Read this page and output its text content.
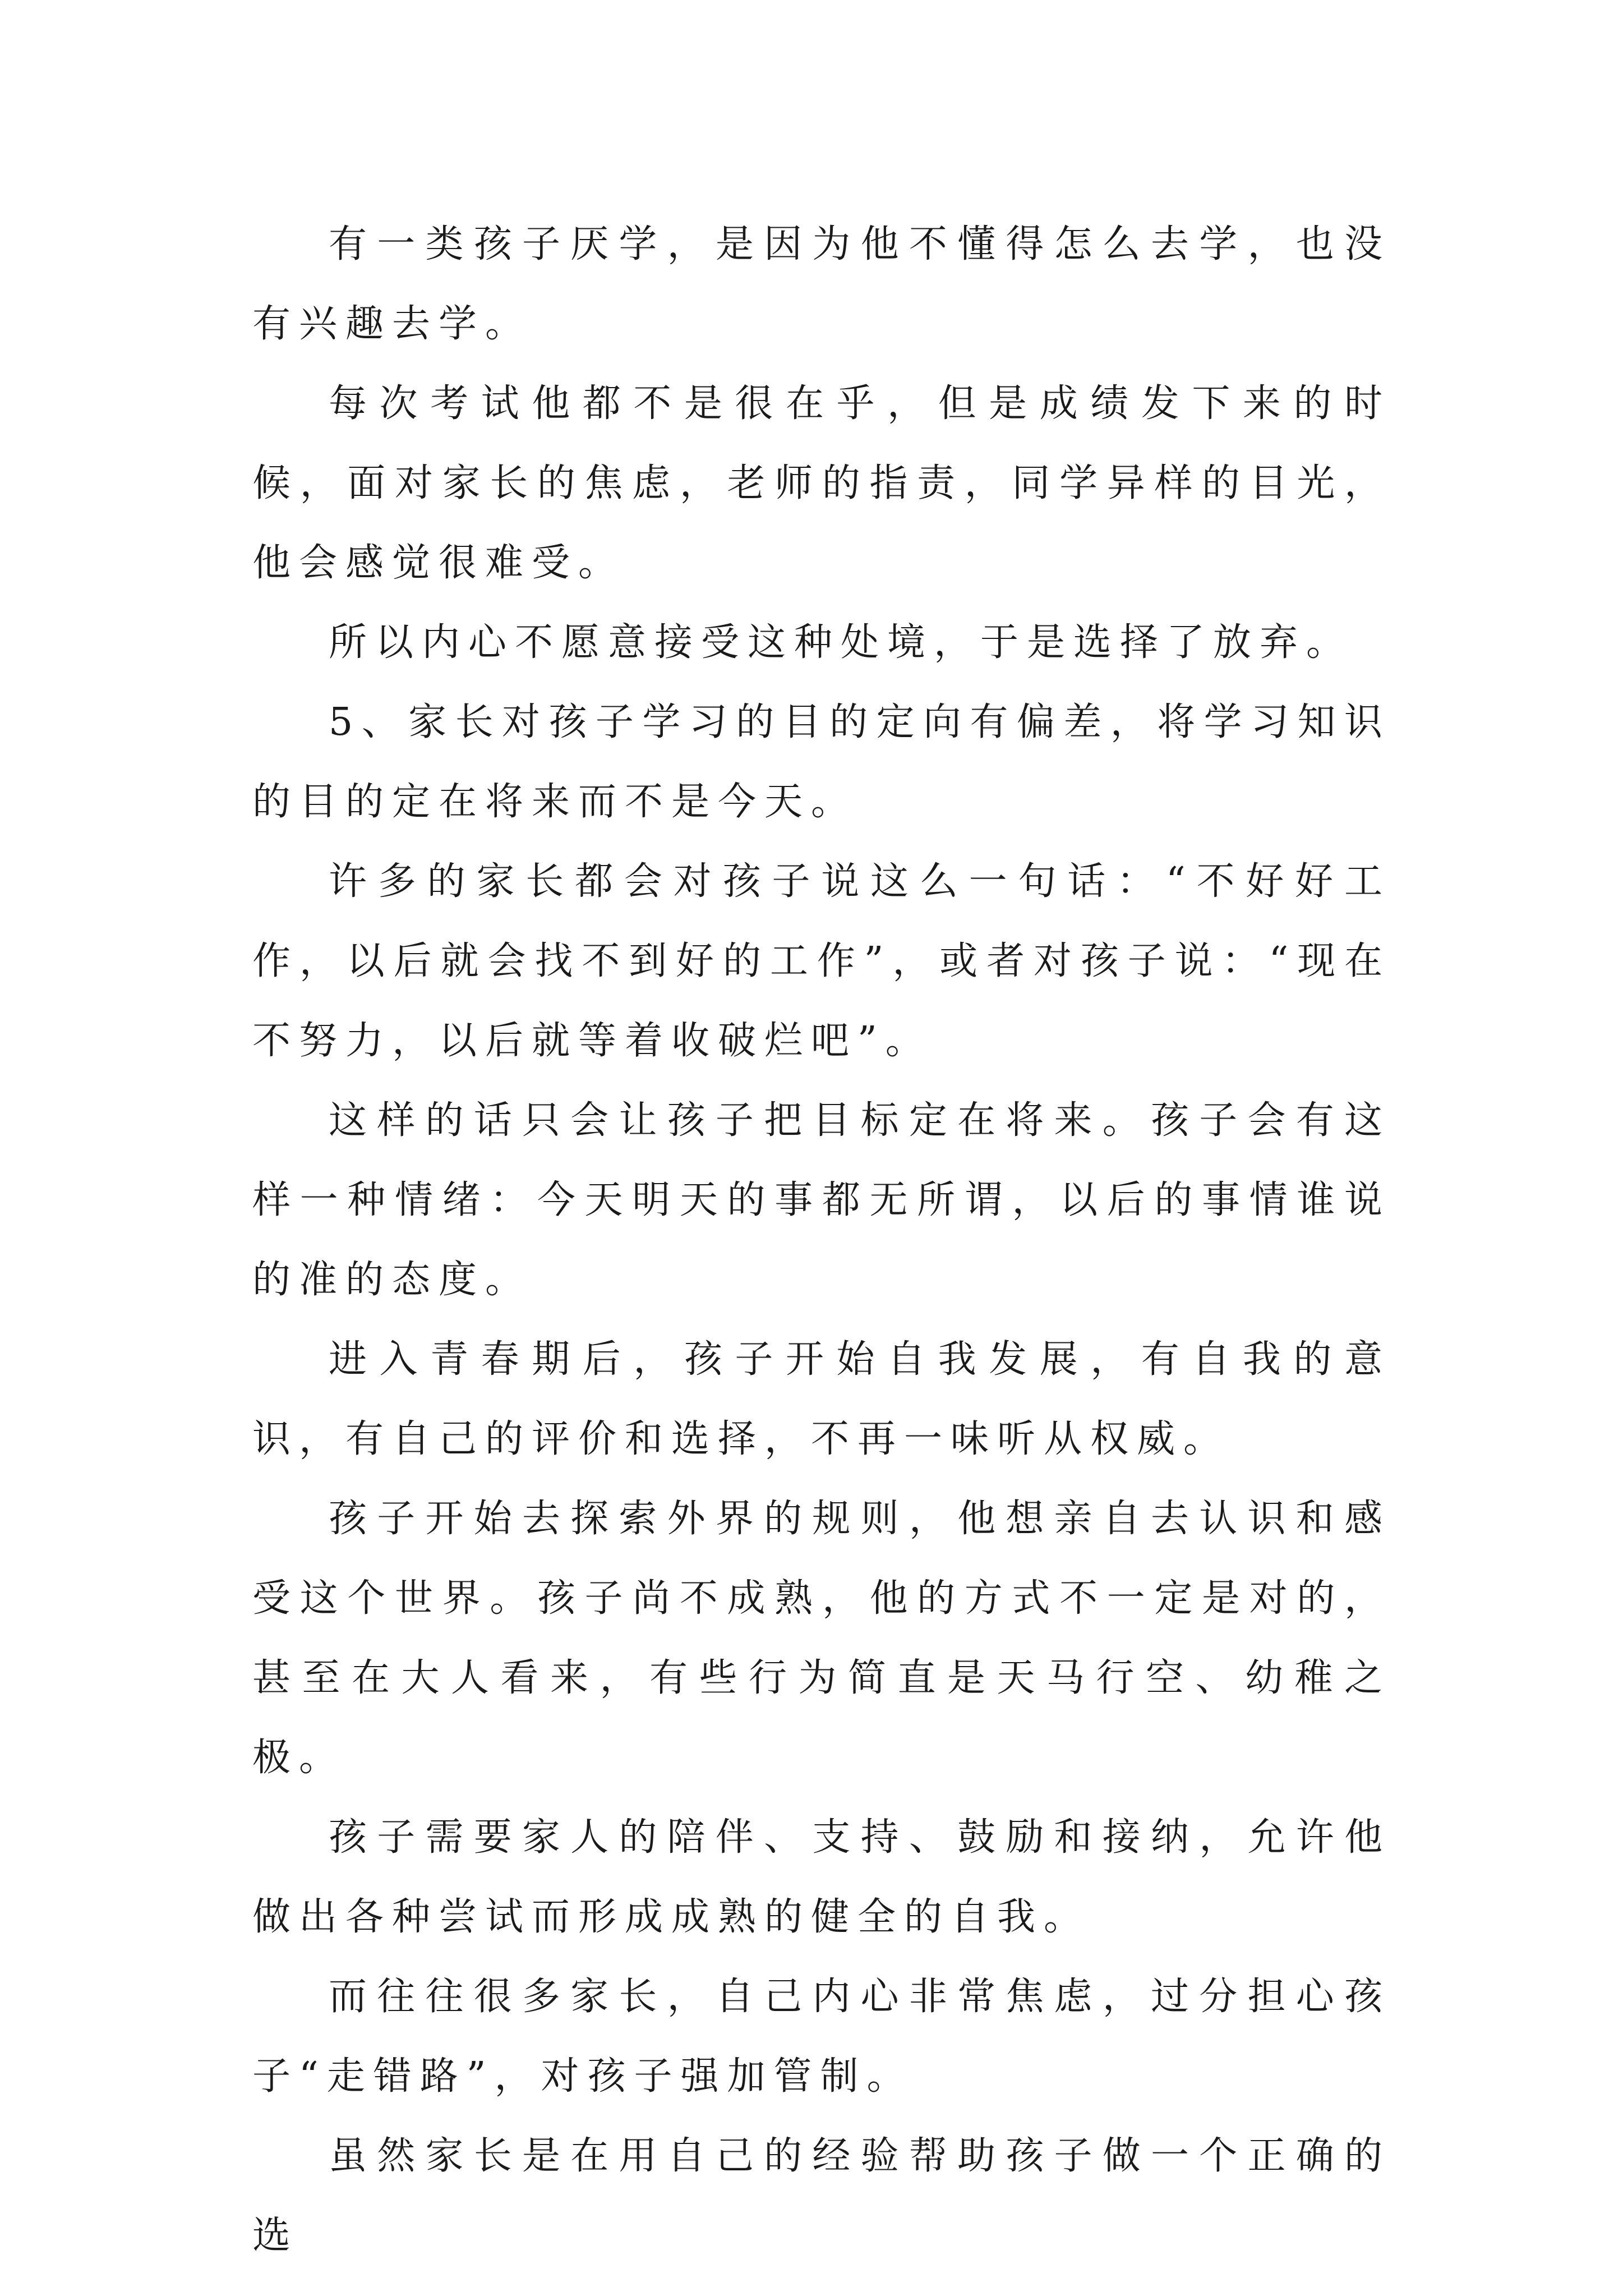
有一类孩子厌学，是因为他不懂得怎么去学，也没有兴趣去学。

每次考试他都不是很在乎，但是成绩发下来的时候，面对家长的焦虑，老师的指责，同学异样的目光，他会感觉很难受。

所以内心不愿意接受这种处境，于是选择了放弃。

5、家长对孩子学习的目的定向有偏差，将学习知识的目的定在将来而不是今天。

许多的家长都会对孩子说这么一句话：“不好好工作，以后就会找不到好的工作”，或者对孩子说：“现在不努力，以后就等着收破烂吧”。

这样的话只会让孩子把目标定在将来。孩子会有这样一种情绪：今天明天的事都无所谓，以后的事情谁说的准的态度。

进入青春期后，孩子开始自我发展，有自我的意识，有自己的评价和选择，不再一味听从权威。

孩子开始去探索外界的规则，他想亲自去认识和感受这个世界。孩子尚不成熟，他的方式不一定是对的，甚至在大人看来，有些行为简直是天马行空、幼稚之极。

孩子需要家人的陪伴、支持、鼓励和接纳，允许他做出各种尝试而形成成熟的健全的自我。

而往往很多家长，自己内心非常焦虑，过分担心孩子“走错路”，对孩子强加管制。

虽然家长是在用自己的经验帮助孩子做一个正确的选
